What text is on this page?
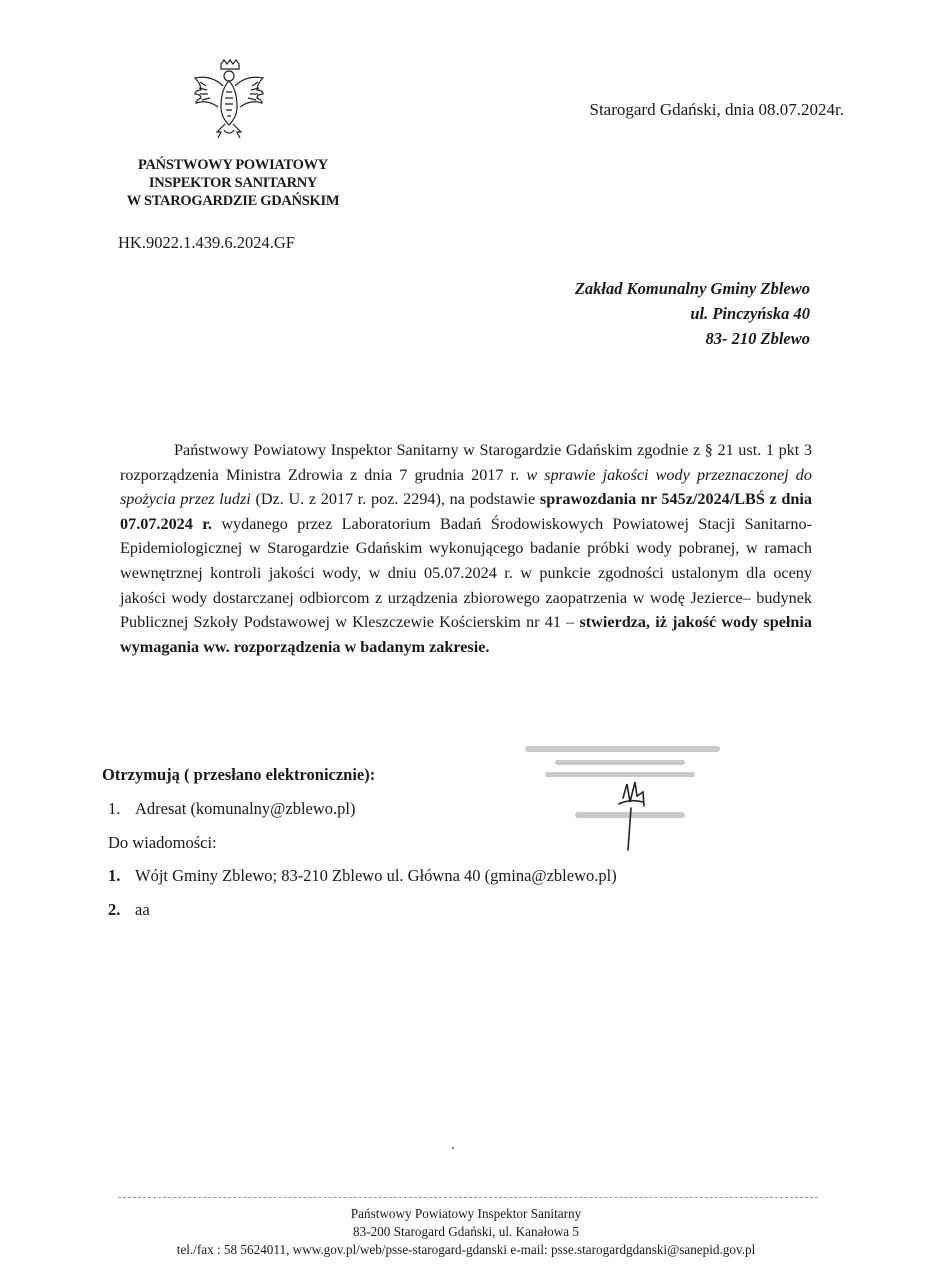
Starogard Gdański, dnia 08.07.2024r.
PAŃSTWOWY POWIATOWY
INSPEKTOR SANITARNY
W STAROGARDZIE GDAŃSKIM
HK.9022.1.439.6.2024.GF
Zakład Komunalny Gminy Zblewo
ul. Pinczyńska 40
83- 210 Zblewo
Państwowy Powiatowy Inspektor Sanitarny w Starogardzie Gdańskim zgodnie z § 21 ust. 1 pkt 3 rozporządzenia Ministra Zdrowia z dnia 7 grudnia 2017 r. w sprawie jakości wody przeznaczonej do spożycia przez ludzi (Dz. U. z 2017 r. poz. 2294), na podstawie sprawozdania nr 545z/2024/LBŚ z dnia 07.07.2024 r. wydanego przez Laboratorium Badań Środowiskowych Powiatowej Stacji Sanitarno-Epidemiologicznej w Starogardzie Gdańskim wykonującego badanie próbki wody pobranej, w ramach wewnętrznej kontroli jakości wody, w dniu 05.07.2024 r. w punkcie zgodności ustalonym dla oceny jakości wody dostarczanej odbiorcom z urządzenia zbiorowego zaopatrzenia w wodę Jezierce– budynek Publicznej Szkoły Podstawowej w Kleszczewie Kościerskim nr 41 – stwierdza, iż jakość wody spełnia wymagania ww. rozporządzenia w badanym zakresie.
Otrzymują ( przesłano elektronicznie):
1. Adresat (komunalny@zblewo.pl)
Do wiadomości:
1. Wójt Gminy Zblewo; 83-210 Zblewo ul. Główna 40 (gmina@zblewo.pl)
2. aa
Państwowy Powiatowy Inspektor Sanitarny
83-200 Starogard Gdański, ul. Kanałowa 5
tel./fax : 58 5624011, www.gov.pl/web/psse-starogard-gdanski e-mail: psse.starogardgdanski@sanepid.gov.pl
